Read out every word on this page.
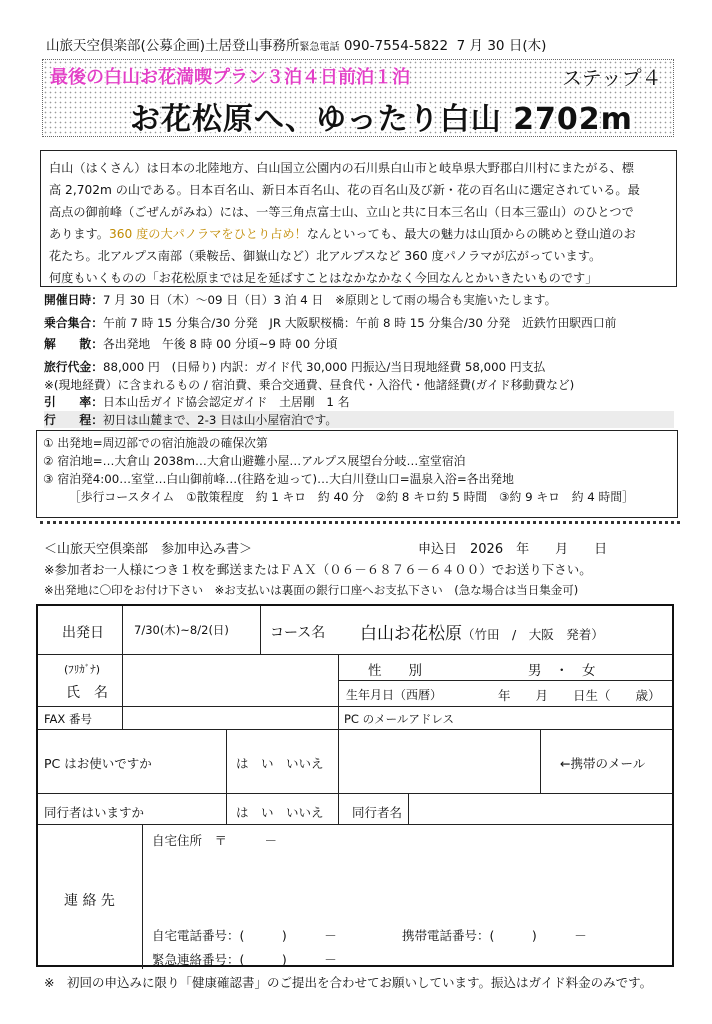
山旅天空倶楽部(公募企画)土居登山事務所緊急電話 090-7554-5822 7 月 30 日(木)
最後の白山お花満喫プラン３泊４日前泊１泊	ステップ４
お花松原へ、ゆったり白山 2702m
白山（はくさん）は日本の北陸地方、白山国立公園内の石川県白山市と岐阜県大野郡白川村にまたがる、標
高 2,702m の山である。日本百名山、新日本百名山、花の百名山及び新・花の百名山に選定されている。最
高点の御前峰（ごぜんがみね）には、一等三角点富士山、立山と共に日本三名山（日本三霊山）のひとつで
あります。360 度の大パノラマをひとり占め！なんといっても、最大の魅力は山頂からの眺めと登山道のお
花たち。北アルプス南部（乗鞍岳、御嶽山など）北アルプスなど 360 度パノラマが広がっています。
何度もいくものの「お花松原までは足を延ばすことはなかなかなく今回なんとかいきたいものです」
開催日時：7 月 30 日（木）～09 日（日）3 泊 4 日　※原則として雨の場合も実施いたします。
乗合集合：午前 7 時 15 分集合/30 分発　JR 大阪駅桜橋：午前 8 時 15 分集合/30 分発　近鉄竹田駅西口前
解　　散：各出発地　午後 8 時 00 分頃~9 時 00 分頃
旅行代金：88,000 円　(日帰り) 内訳：ガイド代 30,000 円振込/当日現地経費 58,000 円支払
※(現地経費）に含まれるもの / 宿泊費、乗合交通費、昼食代・入浴代・他諸経費(ガイド移動費など)
引　　率：日本山岳ガイド協会認定ガイド　土居剛　1 名
行　　程：初日は山麓まで、2-3 日は山小屋宿泊です。
① 出発地=周辺部での宿泊施設の確保次第
② 宿泊地=…大倉山 2038m…大倉山避難小屋…アルプス展望台分岐…室堂宿泊
③ 宿泊発4:00…室堂…白山御前峰…(往路を辿って)…大白川登山口=温泉入浴=各出発地
［歩行コースタイム　①散策程度　約 1 キロ　約 40 分　②約 8 キロ約 5 時間　③約 9 キロ　約 4 時間］
＜山旅天空倶楽部　参加申込み書＞	申込日　2026　年　　月　　日
※参加者お一人様につき１枚を郵送またはＦＡＸ（０６－６８７６－６４００）でお送り下さい。
※出発地に〇印をお付け下さい　※お支払いは裏面の銀行口座へお支払下さい　(急な場合は当日集金可)
出発日	7/30(木)~8/2(日)	コース名 白山お花松原（竹田　/　大阪　発着）
(ﾌﾘｶﾞﾅ)
氏　名
性　　別	男　・　女
生年月日（西暦）	年　　月　　日生（　　歳）
FAX 番号	PC のメールアドレス
PC はお使いですか	は　い　いいえ	←携帯のメール
同行者はいますか	は　い　いいえ 同行者名
連 絡 先
自宅住所　〒　　　－
自宅電話番号：(　　　)　　　－	携帯電話番号：(　　　)　　　－
緊急連絡番号：(　　　)　　　－
※　初回の申込みに限り「健康確認書」のご提出を合わせてお願いしています。振込はガイド料金のみです。
